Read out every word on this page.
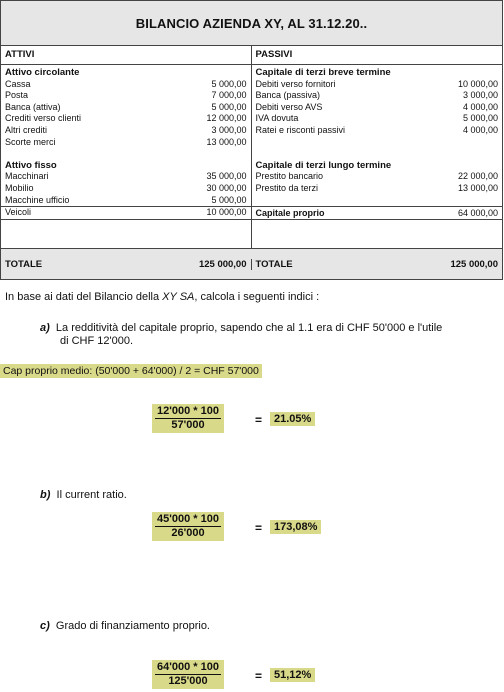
BILANCIO AZIENDA XY, AL 31.12.20..
ATTIVI
Attivo circolante
Cassa	5 000,00
Posta	7 000,00
Banca (attiva)	5 000,00
Crediti verso clienti	12 000,00
Altri crediti	3 000,00
Scorte merci	13 000,00
Attivo fisso
Macchinari	35 000,00
Mobilio	30 000,00
Macchine ufficio	5 000,00
Veicoli	10 000,00
PASSIVI
Capitale di terzi breve termine
Debiti verso fornitori	10 000,00
Banca (passiva)	3 000,00
Debiti verso AVS	4 000,00
IVA dovuta	5 000,00
Ratei e risconti passivi	4 000,00
Capitale di terzi lungo termine
Prestito bancario	22 000,00
Prestito da terzi	13 000,00
Capitale proprio	64 000,00
TOTALE	125 000,00 TOTALE	125 000,00
In base ai dati del Bilancio della XY SA, calcola i seguenti indici :
a) La redditività del capitale proprio, sapendo che al 1.1 era di CHF 50'000 e l'utile
di CHF 12'000.
Cap proprio medio: (50'000 + 64'000) / 2 = CHF 57'000
$\frac{12'000 * 100}{57'000}$	=	21.05%
b) Il current ratio.
$\frac{45'000 * 100}{26'000}$	=	173,08%
c) Grado di finanziamento proprio.
$\frac{64'000 * 100}{125'000}$	=	51,12%
